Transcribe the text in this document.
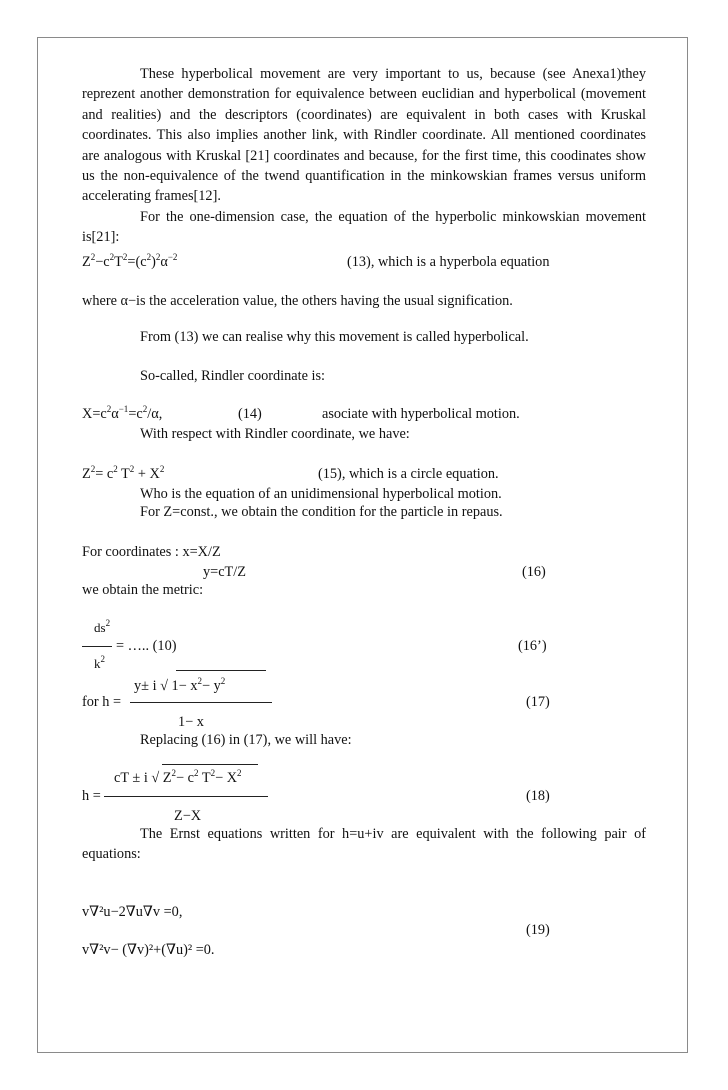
These hyperbolical movement are very important to us, because (see Anexa1)they reprezent another demonstration for equivalence between euclidian and hyperbolical (movement and realities) and the descriptors (coordinates) are equivalent in both cases with Kruskal coordinates. This also implies another link, with Rindler coordinate. All mentioned coordinates are analogous with Kruskal [21] coordinates and because, for the first time, this coodinates show us the non-equivalence of the twend quantification in the minkowskian frames versus uniform accelerating frames[12].

For the one-dimension case, the equation of the hyperbolic minkowskian movement is[21]:

$Z^2-c^2T^2=(c^2)^2\alpha^{-2}$	(13), which is a hyperbola equation
where α−is the acceleration value, the others having the usual signification.
From (13) we can realise why this movement is called hyperbolical.
So-called, Rindler coordinate is:
$X=c^2\alpha^{-1}=c^2/\alpha$,	(14)	asociate with hyperbolical motion.
With respect with Rindler coordinate, we have:
$Z^2= c^2$ $T^2 + X^2$	(15), which is a circle equation.
Who is the equation of an unidimensional hyperbolical motion.
For Z=const., we obtain the condition for the particle in repaus.
For coordinates : x=X/Z
y=cT/Z	(16)
we obtain the metric:
$ds^2$
= ….. (10)
$k^2$
(16’)
y± i √ $1- x^2- y^2$
for h =	(17)
1− x
Replacing (16) in (17), we will have:
cT ± i √ $Z^2- c^2$ $T^2- X^2$
h =	(18)
Z−X

The Ernst equations written for h=u+iv are equivalent with the following pair of equations:

v∇²u−2∇u∇v =0,
(19)
v∇²v− (∇v)²+(∇u)² =0.
